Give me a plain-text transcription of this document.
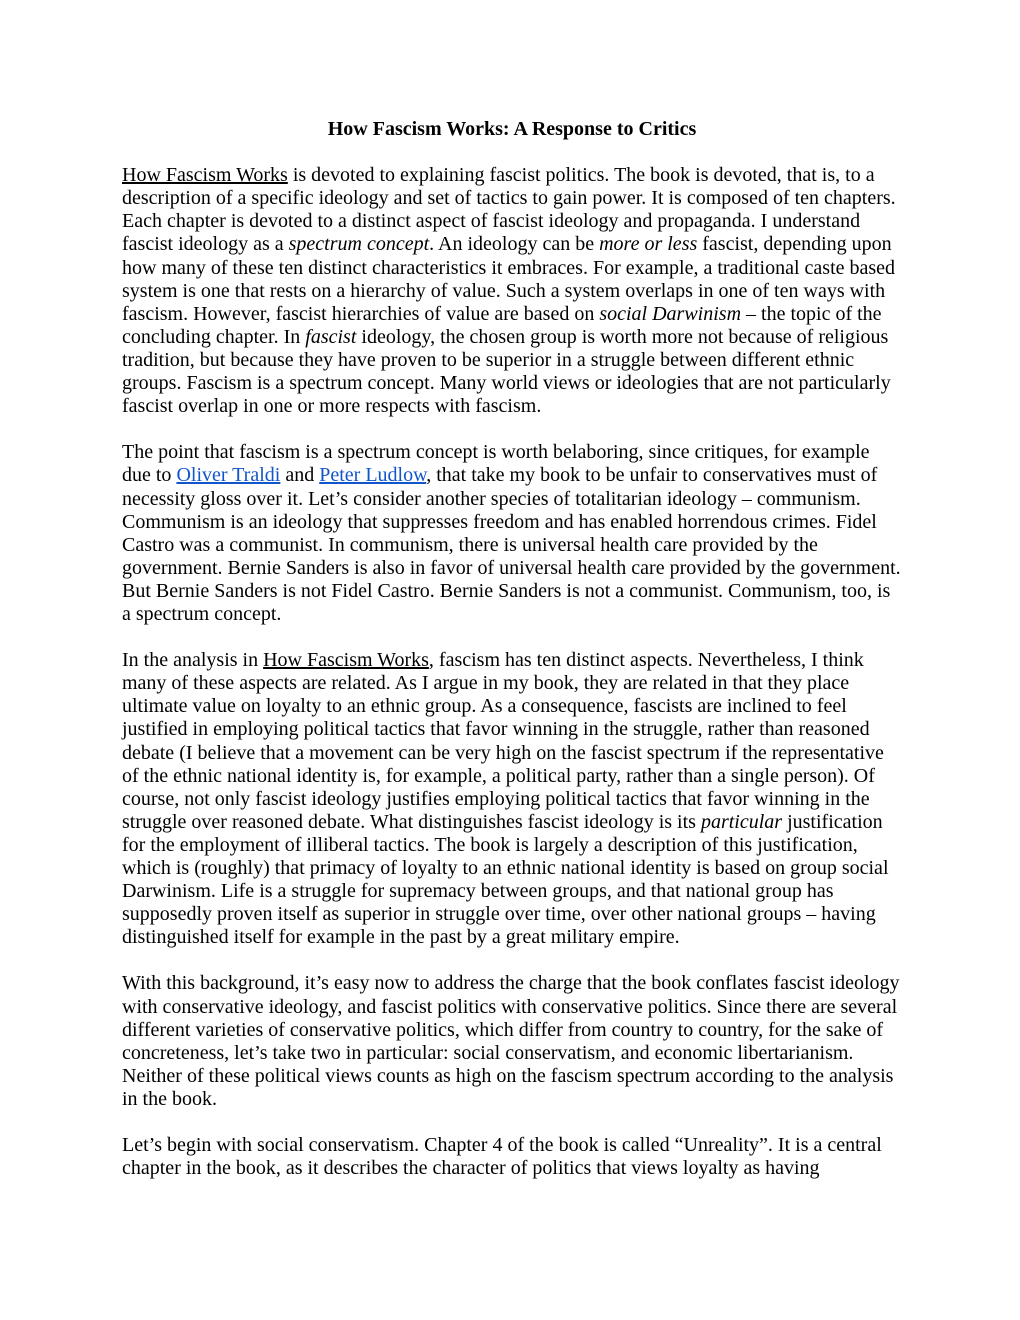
How Fascism Works: A Response to Critics

How Fascism Works is devoted to explaining fascist politics. The book is devoted, that is, to a description of a specific ideology and set of tactics to gain power. It is composed of ten chapters. Each chapter is devoted to a distinct aspect of fascist ideology and propaganda. I understand fascist ideology as a spectrum concept. An ideology can be more or less fascist, depending upon how many of these ten distinct characteristics it embraces. For example, a traditional caste based system is one that rests on a hierarchy of value. Such a system overlaps in one of ten ways with fascism. However, fascist hierarchies of value are based on social Darwinism – the topic of the concluding chapter. In fascist ideology, the chosen group is worth more not because of religious tradition, but because they have proven to be superior in a struggle between different ethnic groups. Fascism is a spectrum concept. Many world views or ideologies that are not particularly fascist overlap in one or more respects with fascism.

The point that fascism is a spectrum concept is worth belaboring, since critiques, for example due to Oliver Traldi and Peter Ludlow, that take my book to be unfair to conservatives must of necessity gloss over it. Let’s consider another species of totalitarian ideology – communism. Communism is an ideology that suppresses freedom and has enabled horrendous crimes. Fidel Castro was a communist. In communism, there is universal health care provided by the government. Bernie Sanders is also in favor of universal health care provided by the government. But Bernie Sanders is not Fidel Castro. Bernie Sanders is not a communist. Communism, too, is a spectrum concept.

In the analysis in How Fascism Works, fascism has ten distinct aspects. Nevertheless, I think many of these aspects are related. As I argue in my book, they are related in that they place ultimate value on loyalty to an ethnic group. As a consequence, fascists are inclined to feel justified in employing political tactics that favor winning in the struggle, rather than reasoned debate (I believe that a movement can be very high on the fascist spectrum if the representative of the ethnic national identity is, for example, a political party, rather than a single person). Of course, not only fascist ideology justifies employing political tactics that favor winning in the struggle over reasoned debate. What distinguishes fascist ideology is its particular justification for the employment of illiberal tactics. The book is largely a description of this justification, which is (roughly) that primacy of loyalty to an ethnic national identity is based on group social Darwinism. Life is a struggle for supremacy between groups, and that national group has supposedly proven itself as superior in struggle over time, over other national groups – having distinguished itself for example in the past by a great military empire.

With this background, it’s easy now to address the charge that the book conflates fascist ideology with conservative ideology, and fascist politics with conservative politics. Since there are several different varieties of conservative politics, which differ from country to country, for the sake of concreteness, let’s take two in particular: social conservatism, and economic libertarianism. Neither of these political views counts as high on the fascism spectrum according to the analysis in the book.

Let’s begin with social conservatism. Chapter 4 of the book is called “Unreality”. It is a central chapter in the book, as it describes the character of politics that views loyalty as having
